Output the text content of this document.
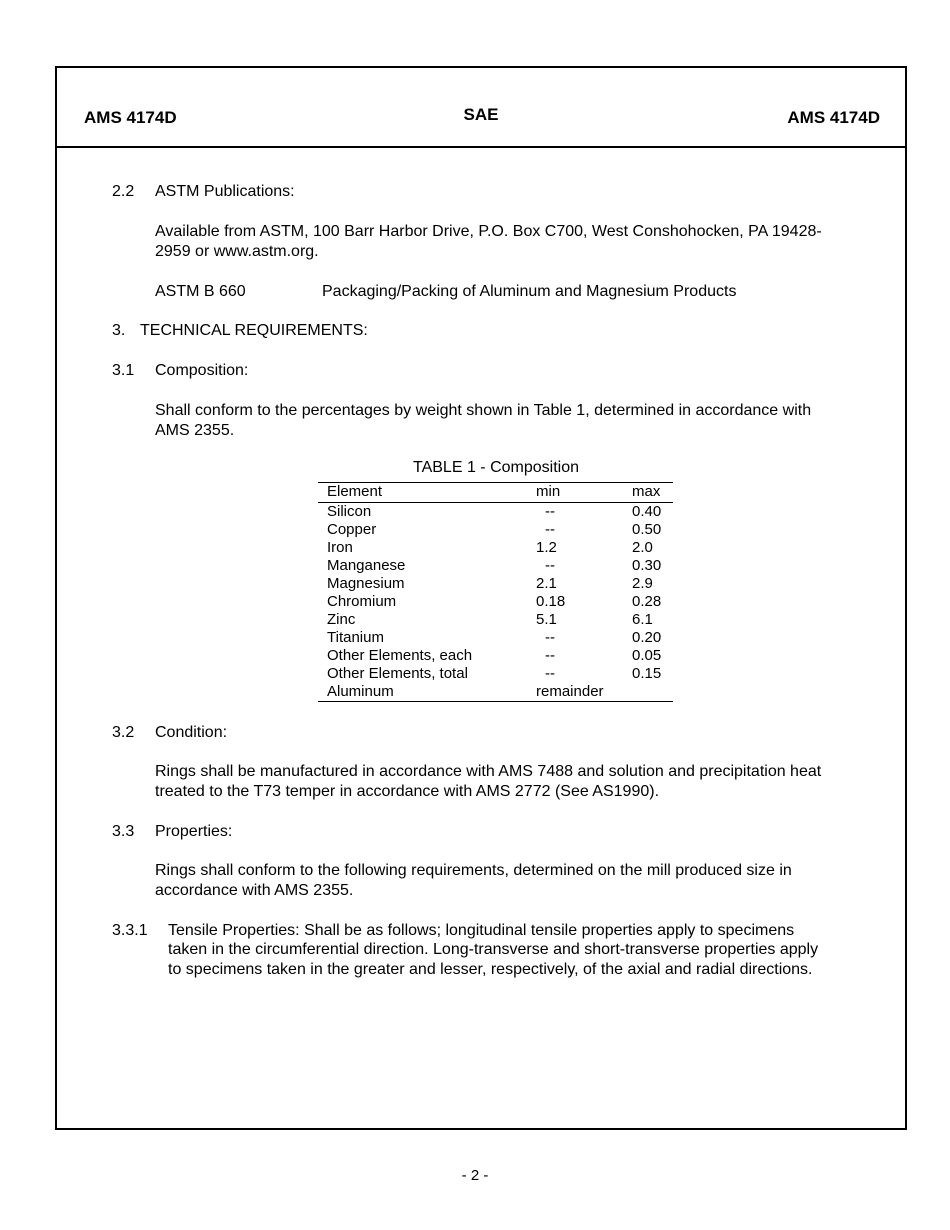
AMS 4174D	SAE	AMS 4174D
2.2 ASTM Publications:
Available from ASTM, 100 Barr Harbor Drive, P.O. Box C700, West Conshohocken, PA 19428-
2959 or www.astm.org.
ASTM B 660	Packaging/Packing of Aluminum and Magnesium Products
3. TECHNICAL REQUIREMENTS:
3.1 Composition:
Shall conform to the percentages by weight shown in Table 1, determined in accordance with
AMS 2355.
TABLE 1 - Composition
Element	min	max
Silicon	--	0.40
Copper	--	0.50
Iron	1.2	2.0
Manganese	--	0.30
Magnesium	2.1	2.9
Chromium	0.18	0.28
Zinc	5.1	6.1
Titanium	--	0.20
Other Elements, each	--	0.05
Other Elements, total	--	0.15
Aluminum	remainder
3.2 Condition:
Rings shall be manufactured in accordance with AMS 7488 and solution and precipitation heat
treated to the T73 temper in accordance with AMS 2772 (See AS1990).
3.3 Properties:
Rings shall conform to the following requirements, determined on the mill produced size in
accordance with AMS 2355.
3.3.1 Tensile Properties: Shall be as follows; longitudinal tensile properties apply to specimens
taken in the circumferential direction. Long-transverse and short-transverse properties apply
to specimens taken in the greater and lesser, respectively, of the axial and radial directions.
- 2 -
